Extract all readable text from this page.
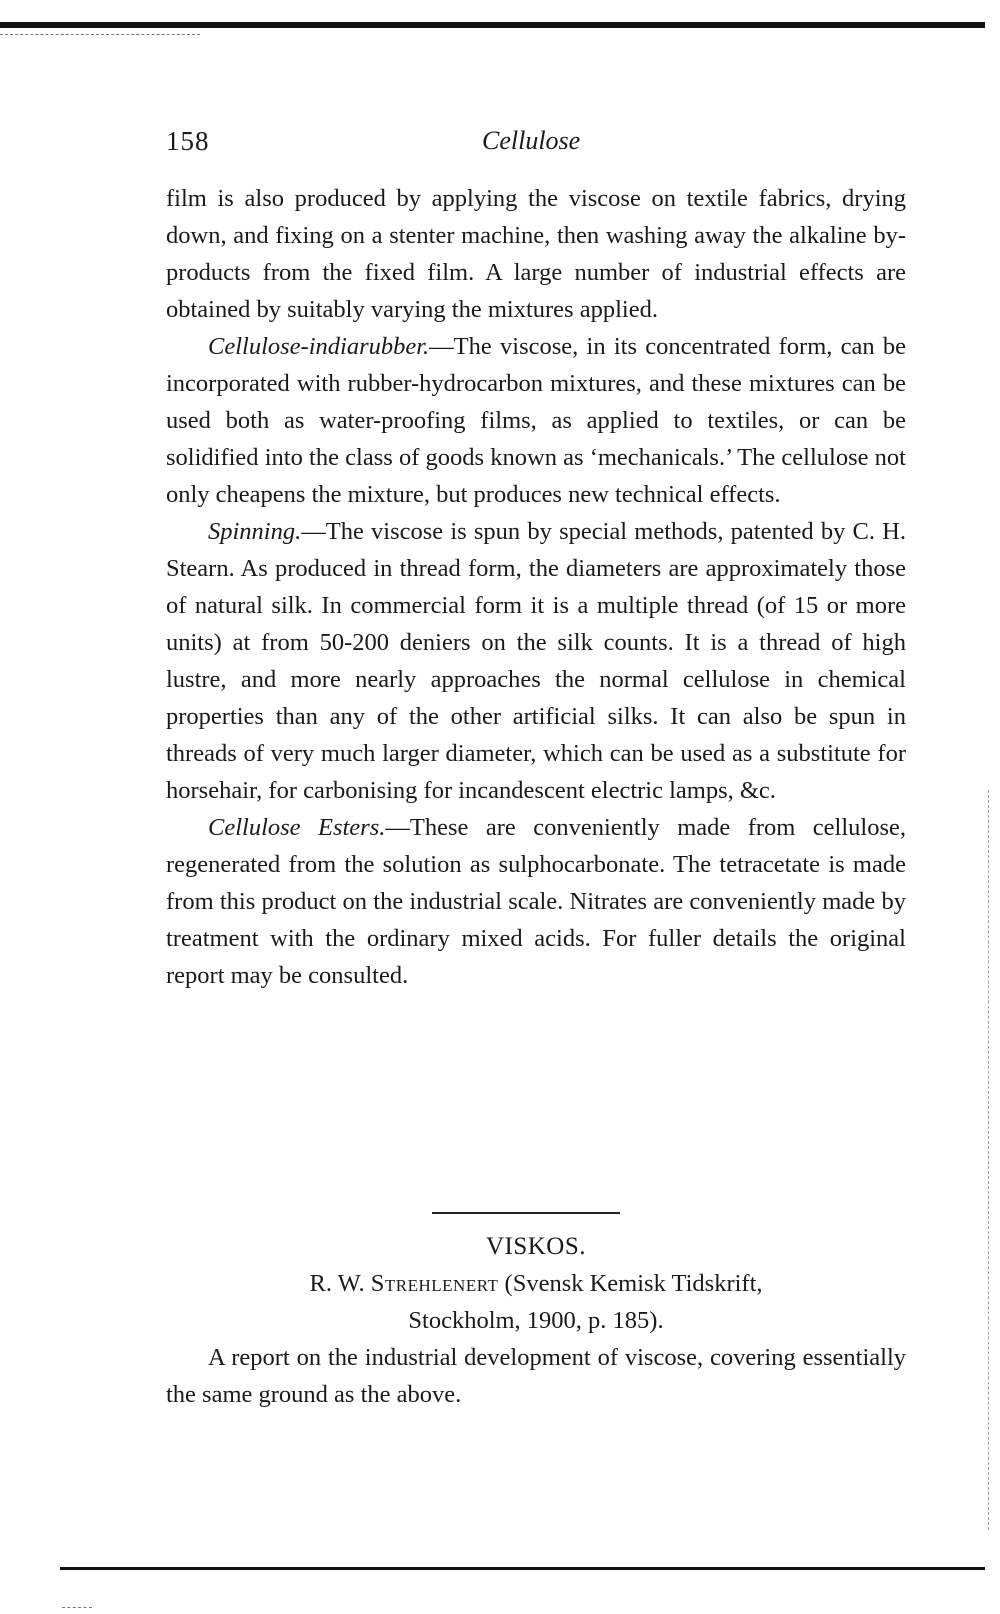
158	Cellulose

film is also produced by applying the viscose on textile fabrics, drying down, and fixing on a stenter machine, then washing away the alkaline by-products from the fixed film. A large number of industrial effects are obtained by suitably varying the mixtures applied.

Cellulose-indiarubber.—The viscose, in its concentrated form, can be incorporated with rubber-hydrocarbon mixtures, and these mixtures can be used both as water-proofing films, as applied to textiles, or can be solidified into the class of goods known as ‘mechanicals.’ The cellulose not only cheapens the mixture, but produces new technical effects.

Spinning.—The viscose is spun by special methods, patented by C. H. Stearn. As produced in thread form, the diameters are approximately those of natural silk. In commercial form it is a multiple thread (of 15 or more units) at from 50-200 deniers on the silk counts. It is a thread of high lustre, and more nearly approaches the normal cellulose in chemical properties than any of the other artificial silks. It can also be spun in threads of very much larger diameter, which can be used as a substitute for horsehair, for carbonising for incandescent electric lamps, &c.

Cellulose Esters.—These are conveniently made from cellulose, regenerated from the solution as sulphocarbonate. The tetracetate is made from this product on the industrial scale. Nitrates are conveniently made by treatment with the ordinary mixed acids. For fuller details the original report may be consulted.

VISKOS.

R. W. Strehlenert (Svensk Kemisk Tidskrift,

Stockholm, 1900, p. 185).

A report on the industrial development of viscose, covering essentially the same ground as the above.
